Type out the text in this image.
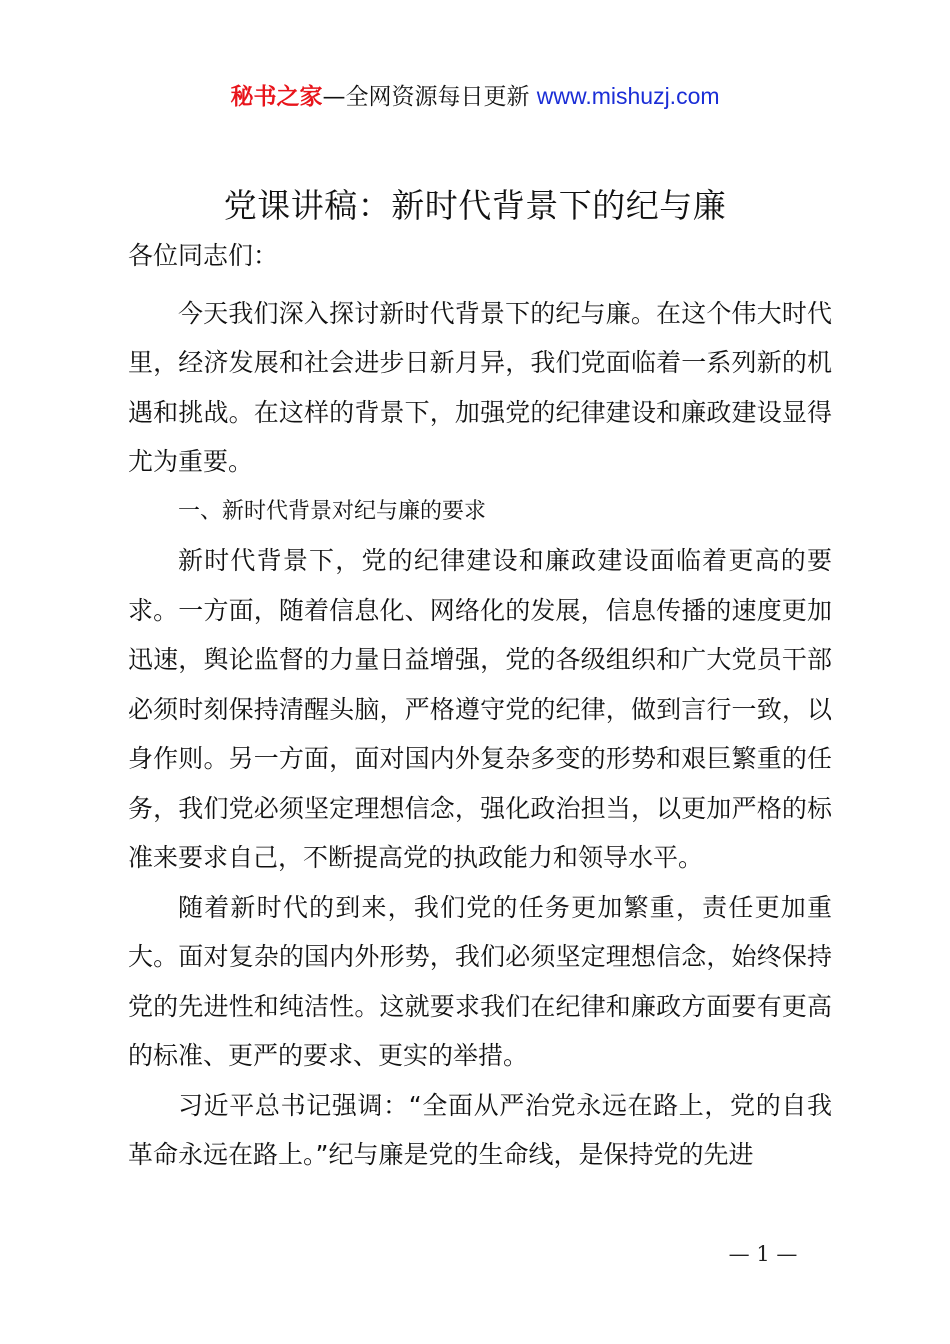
秘书之家—全网资源每日更新 www.mishuzj.com
党课讲稿：新时代背景下的纪与廉

各位同志们：

今天我们深入探讨新时代背景下的纪与廉。在这个伟大时代里，经济发展和社会进步日新月异，我们党面临着一系列新的机遇和挑战。在这样的背景下，加强党的纪律建设和廉政建设显得尤为重要。

一、新时代背景对纪与廉的要求

新时代背景下，党的纪律建设和廉政建设面临着更高的要求。一方面，随着信息化、网络化的发展，信息传播的速度更加迅速，舆论监督的力量日益增强，党的各级组织和广大党员干部必须时刻保持清醒头脑，严格遵守党的纪律，做到言行一致，以身作则。另一方面，面对国内外复杂多变的形势和艰巨繁重的任务，我们党必须坚定理想信念，强化政治担当，以更加严格的标准来要求自己，不断提高党的执政能力和领导水平。

随着新时代的到来，我们党的任务更加繁重，责任更加重大。面对复杂的国内外形势，我们必须坚定理想信念，始终保持党的先进性和纯洁性。这就要求我们在纪律和廉政方面要有更高的标准、更严的要求、更实的举措。

习近平总书记强调：“全面从严治党永远在路上，党的自我革命永远在路上。”纪与廉是党的生命线，是保持党的先进

— 1 —
